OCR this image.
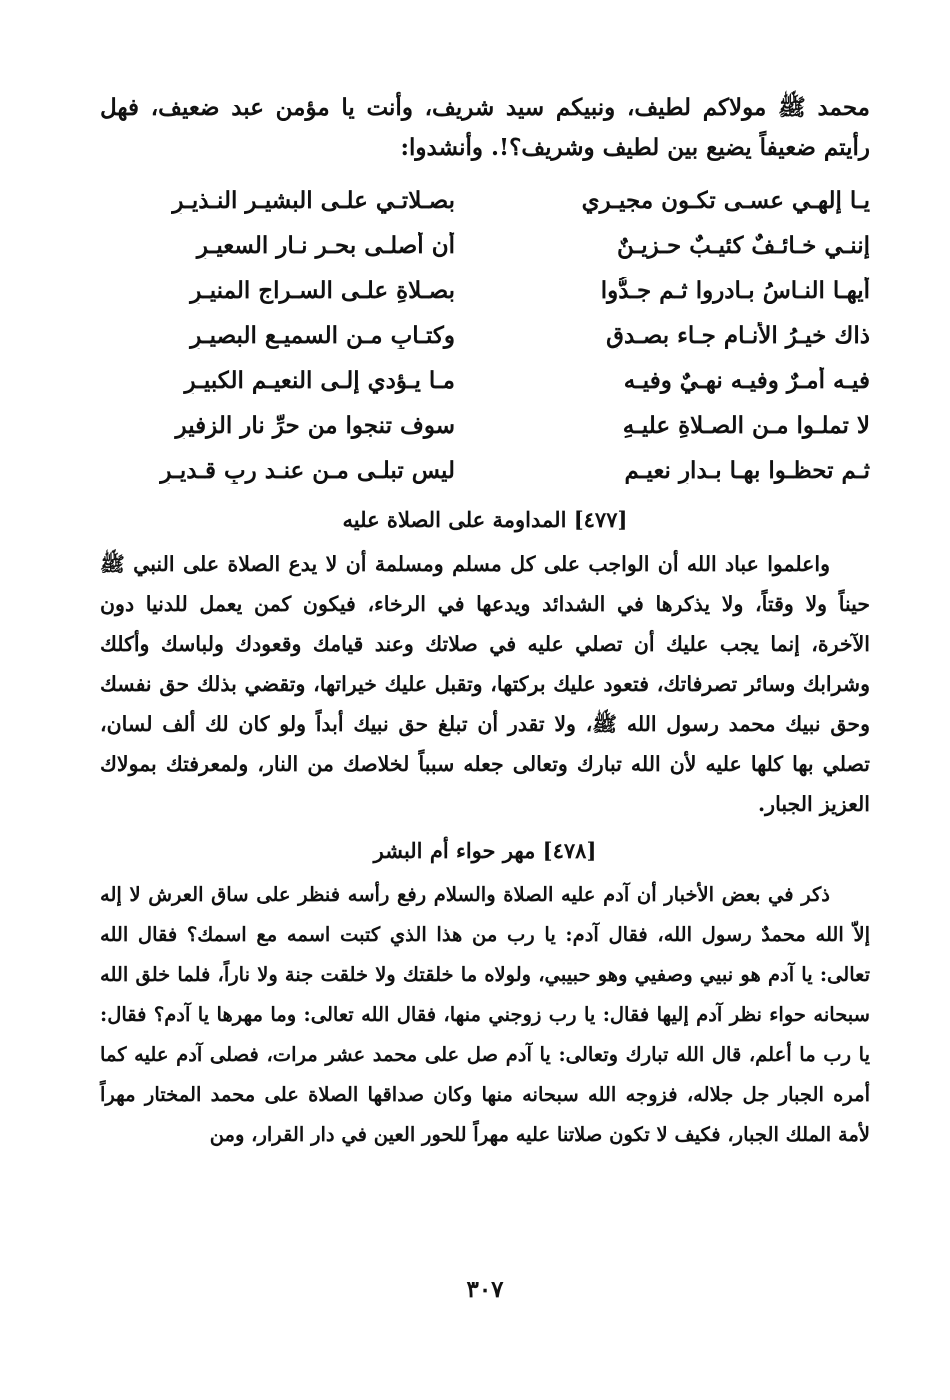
محمد ﷺ مولاكم لطيف، ونبيكم سيد شريف، وأنت يا مؤمن عبد ضعيف، فهل رأيتم ضعيفاً يضيع بين لطيف وشريف؟!. وأنشدوا:

يـا إلهـي عسـى تكـون مجيـري
بصـلاتـي علـى البشيـر النـذيـرِ
إننـي خـائـفٌ كئيـبٌ حـزيـنٌ
أن أصلـى بحـر نـار السعيـرِ
أيهـا النـاسُ بـادروا ثـم جـدُّوا
بصـلاةِ علـى السـراج المنيـرِ
ذاك خيـرُ الأنـامِ جـاء بصـدقٍ
وكتـابٍ مـن السميـع البصيـرِ
فيـه أمـرٌ وفيـه نهـيٌ وفيـه
مـا يـؤدي إلـى النعيـم الكبيـرِ
لا تملـوا مـن الصـلاةِ عليـهِ
سوف تنجوا من حرِّ نار الزفيرِ
ثـم تحظـوا بهـا بـدارِ نعيـمٍ
ليس تبلـى مـن عنـد ربٍ قـديـرِ
[٤٧٧] المداومة على الصلاة عليه

واعلموا عباد الله أن الواجب على كل مسلم ومسلمة أن لا يدع الصلاة على النبي ﷺ حيناً ولا وقتاً، ولا يذكرها في الشدائد ويدعها في الرخاء، فيكون كمن يعمل للدنيا دون الآخرة، إنما يجب عليك أن تصلي عليه في صلاتك وعند قيامك وقعودك ولباسك وأكلك وشرابك وسائر تصرفاتك، فتعود عليك بركتها، وتقبل عليك خيراتها، وتقضي بذلك حق نفسك وحق نبيك محمد رسول الله ﷺ، ولا تقدر أن تبلغ حق نبيك أبداً ولو كان لك ألف لسان، تصلي بها كلها عليه لأن الله تبارك وتعالى جعله سبباً لخلاصك من النار، ولمعرفتك بمولاك العزيز الجبار.

[٤٧٨] مهر حواء أم البشر

ذكر في بعض الأخبار أن آدم عليه الصلاة والسلام رفع رأسه فنظر على ساق العرش لا إله إلاّ الله محمدٌ رسول الله، فقال آدم: يا رب من هذا الذي كتبت اسمه مع اسمك؟ فقال الله تعالى: يا آدم هو نبيي وصفيي وهو حبيبي، ولولاه ما خلقتك ولا خلقت جنة ولا ناراً، فلما خلق الله سبحانه حواء نظر آدم إليها فقال: يا رب زوجني منها، فقال الله تعالى: وما مهرها يا آدم؟ فقال: يا رب ما أعلم، قال الله تبارك وتعالى: يا آدم صل على محمد عشر مرات، فصلى آدم عليه كما أمره الجبار جل جلاله، فزوجه الله سبحانه منها وكان صداقها الصلاة على محمد المختار مهراً لأمة الملك الجبار، فكيف لا تكون صلاتنا عليه مهراً للحور العين في دار القرار، ومن

٣٠٧
